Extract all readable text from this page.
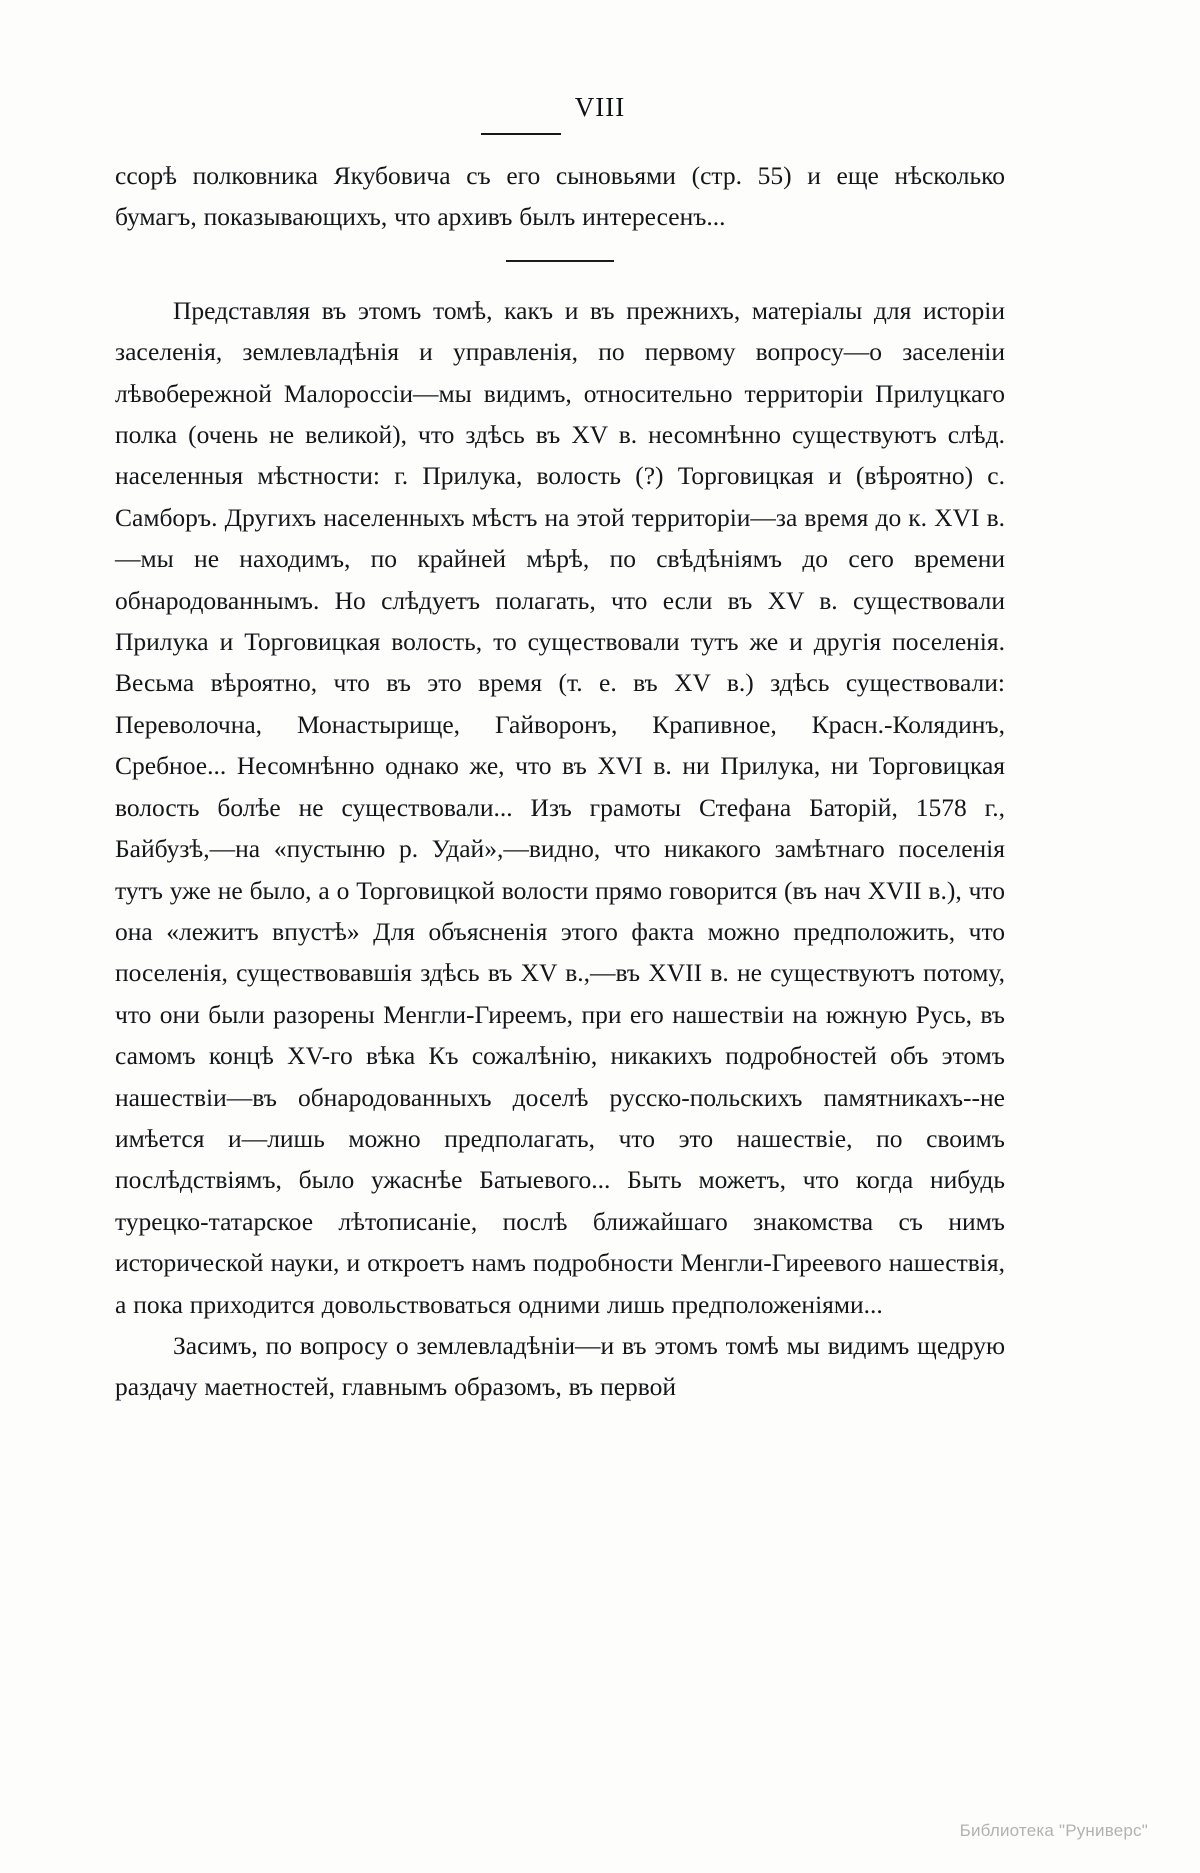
VIII

ссорѣ полковника Якубовича съ его сыновьями (стр. 55) и еще нѣсколько бумагъ, показывающихъ, что архивъ былъ интересенъ...

Представляя въ этомъ томѣ, какъ и въ прежнихъ, матеріалы для исторіи заселенія, землевладѣнія и управленія, по первому вопросу—о заселеніи лѣвобережной Малороссіи—мы видимъ, относительно территоріи Прилуцкаго полка (очень не великой), что здѣсь въ XV в. несомнѣнно существуютъ слѣд. населенныя мѣстности: г. Прилука, волость (?) Торговицкая и (вѣроятно) с. Самборъ. Другихъ населенныхъ мѣстъ на этой территоріи—за время до к. XVI в.—мы не находимъ, по крайней мѣрѣ, по свѣдѣніямъ до сего времени обнародованнымъ. Но слѣдуетъ полагать, что если въ XV в. существовали Прилука и Торговицкая волость, то существовали тутъ же и другія поселенія. Весьма вѣроятно, что въ это время (т. е. въ XV в.) здѣсь существовали: Переволочна, Монастырище, Гайворонъ, Крапивное, Красн.-Колядинъ, Сребное... Несомнѣнно однако же, что въ XVI в. ни Прилука, ни Торговицкая волость болѣе не существовали... Изъ грамоты Стефана Баторій, 1578 г., Байбузѣ,—на «пустыню р. Удай»,—видно, что никакого замѣтнаго поселенія тутъ уже не было, а о Торговицкой волости прямо говорится (въ нач XVII в.), что она «лежитъ впустѣ» Для объясненія этого факта можно предположить, что поселенія, существовавшія здѣсь въ XV в.,—въ XVII в. не существуютъ потому, что они были разорены Менгли-Гиреемъ, при его нашествіи на южную Русь, въ самомъ концѣ XV-го вѣка Къ сожалѣнію, никакихъ подробностей объ этомъ нашествіи—въ обнародованныхъ доселѣ русско-польскихъ памятникахъ--не имѣется и—лишь можно предполагать, что это нашествіе, по своимъ послѣдствіямъ, было ужаснѣе Батыевого... Быть можетъ, что когда нибудь турецко-татарское лѣтописаніе, послѣ ближайшаго знакомства съ нимъ исторической науки, и откроетъ намъ подробности Менгли-Гиреевого нашествія, а пока приходится довольствоваться одними лишь предположеніями...

Засимъ, по вопросу о землевладѣніи—и въ этомъ томѣ мы видимъ щедрую раздачу маетностей, главнымъ образомъ, въ первой

Библиотека "Руниверс"
